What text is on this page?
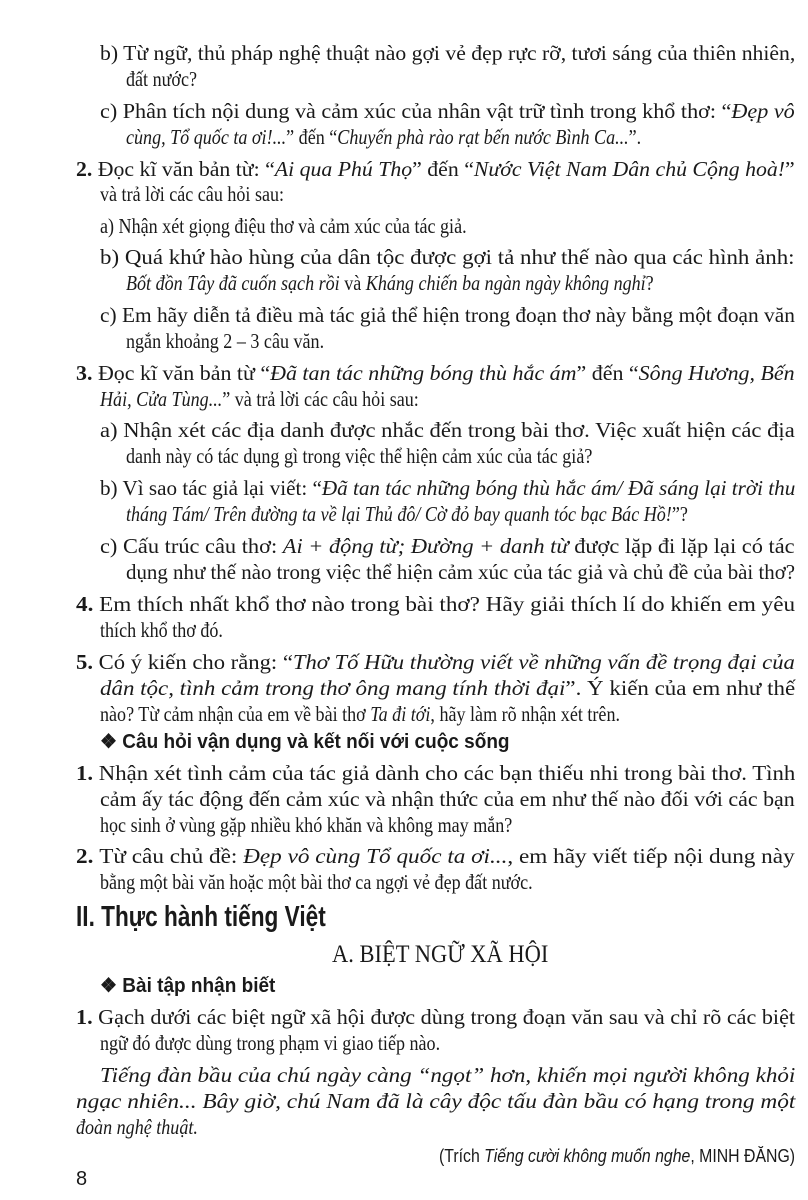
b) Từ ngữ, thủ pháp nghệ thuật nào gợi vẻ đẹp rực rỡ, tươi sáng của thiên nhiên,
đất nước?
c) Phân tích nội dung và cảm xúc của nhân vật trữ tình trong khổ thơ: “Đẹp vô
cùng, Tổ quốc ta ơi!...” đến “Chuyến phà rào rạt bến nước Bình Ca...”.
2. Đọc kĩ văn bản từ: “Ai qua Phú Thọ” đến “Nước Việt Nam Dân chủ Cộng hoà!”
và trả lời các câu hỏi sau:
a) Nhận xét giọng điệu thơ và cảm xúc của tác giả.
b) Quá khứ hào hùng của dân tộc được gợi tả như thế nào qua các hình ảnh:
Bốt đồn Tây đã cuốn sạch rồi và Kháng chiến ba ngàn ngày không nghỉ?
c) Em hãy diễn tả điều mà tác giả thể hiện trong đoạn thơ này bằng một đoạn văn
ngắn khoảng 2 – 3 câu văn.
3. Đọc kĩ văn bản từ “Đã tan tác những bóng thù hắc ám” đến “Sông Hương, Bến
Hải, Cửa Tùng...” và trả lời các câu hỏi sau:
a) Nhận xét các địa danh được nhắc đến trong bài thơ. Việc xuất hiện các địa
danh này có tác dụng gì trong việc thể hiện cảm xúc của tác giả?
b) Vì sao tác giả lại viết: “Đã tan tác những bóng thù hắc ám/ Đã sáng lại trời thu
tháng Tám/ Trên đường ta về lại Thủ đô/ Cờ đỏ bay quanh tóc bạc Bác Hồ!”?
c) Cấu trúc câu thơ: Ai + động từ; Đường + danh từ được lặp đi lặp lại có tác
dụng như thế nào trong việc thể hiện cảm xúc của tác giả và chủ đề của bài thơ?
4. Em thích nhất khổ thơ nào trong bài thơ? Hãy giải thích lí do khiến em yêu
thích khổ thơ đó.
5. Có ý kiến cho rằng: “Thơ Tố Hữu thường viết về những vấn đề trọng đại của
dân tộc, tình cảm trong thơ ông mang tính thời đại”. Ý kiến của em như thế
nào? Từ cảm nhận của em về bài thơ Ta đi tới, hãy làm rõ nhận xét trên.
❖ Câu hỏi vận dụng và kết nối với cuộc sống
1. Nhận xét tình cảm của tác giả dành cho các bạn thiếu nhi trong bài thơ. Tình
cảm ấy tác động đến cảm xúc và nhận thức của em như thế nào đối với các bạn
học sinh ở vùng gặp nhiều khó khăn và không may mắn?
2. Từ câu chủ đề: Đẹp vô cùng Tổ quốc ta ơi..., em hãy viết tiếp nội dung này
bằng một bài văn hoặc một bài thơ ca ngợi vẻ đẹp đất nước.
II. Thực hành tiếng Việt
A. BIỆT NGỮ XÃ HỘI
❖ Bài tập nhận biết
1. Gạch dưới các biệt ngữ xã hội được dùng trong đoạn văn sau và chỉ rõ các biệt
ngữ đó được dùng trong phạm vi giao tiếp nào.
Tiếng đàn bầu của chú ngày càng “ngọt” hơn, khiến mọi người không khỏi
ngạc nhiên... Bây giờ, chú Nam đã là cây độc tấu đàn bầu có hạng trong một
đoàn nghệ thuật.
(Trích Tiếng cười không muốn nghe, MINH ĐĂNG)
8
